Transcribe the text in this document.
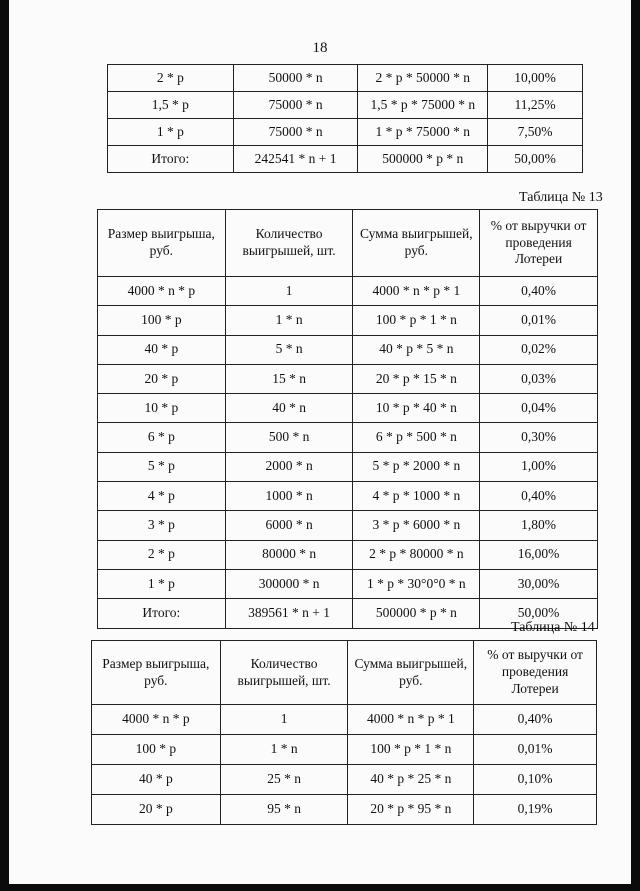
18
2 * p	50000 * n	2 * p * 50000 * n	10,00%
1,5 * p	75000 * n	1,5 * p * 75000 * n	11,25%
1 * p	75000 * n	1 * p * 75000 * n	7,50%
Итого:	242541 * n + 1	500000 * p * n	50,00%
Таблица № 13
Размер выигрыша, руб.	Количество выигрышей, шт.	Сумма выигрышей, руб.	% от выручки от проведения Лотереи
4000 * n * p	1	4000 * n * p * 1	0,40%
100 * p	1 * n	100 * p * 1 * n	0,01%
40 * p	5 * n	40 * p * 5 * n	0,02%
20 * p	15 * n	20 * p * 15 * n	0,03%
10 * p	40 * n	10 * p * 40 * n	0,04%
6 * p	500 * n	6 * p * 500 * n	0,30%
5 * p	2000 * n	5 * p * 2000 * n	1,00%
4 * p	1000 * n	4 * p * 1000 * n	0,40%
3 * p	6000 * n	3 * p * 6000 * n	1,80%
2 * p	80000 * n	2 * p * 80000 * n	16,00%
1 * p	300000 * n	1 * p * 30°0°0 * n	30,00%
Итого:	389561 * n + 1	500000 * p * n	50,00%
Таблица № 14
Размер выигрыша, руб.	Количество выигрышей, шт.	Сумма выигрышей, руб.	% от выручки от проведения Лотереи
4000 * n * p	1	4000 * n * p * 1	0,40%
100 * p	1 * n	100 * p * 1 * n	0,01%
40 * p	25 * n	40 * p * 25 * n	0,10%
20 * p	95 * n	20 * p * 95 * n	0,19%
